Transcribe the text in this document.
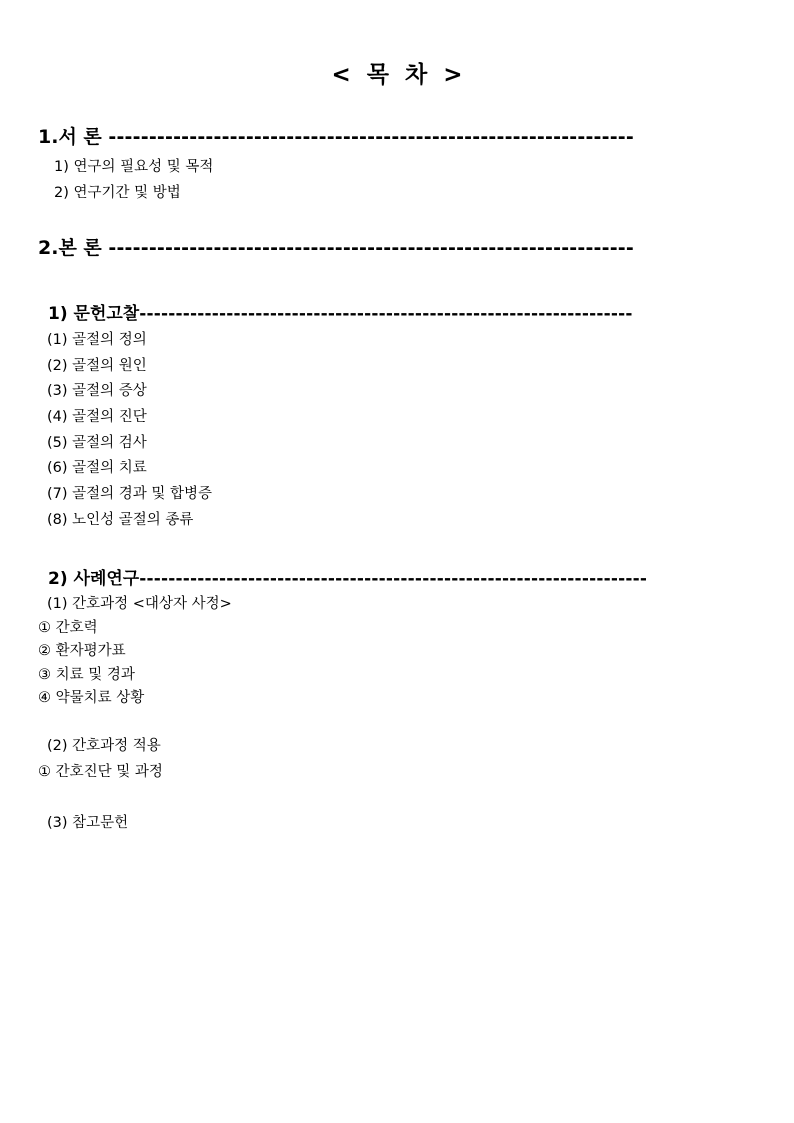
< 목 차 >
1.서 론 -----------------------------------------------------------------
1) 연구의 필요성 및 목적
2) 연구기간 및 방법
2.본 론 -----------------------------------------------------------------
1) 문헌고찰--------------------------------------------------------------------
(1) 골절의 정의
(2) 골절의 원인
(3) 골절의 증상
(4) 골절의 진단
(5) 골절의 검사
(6) 골절의 치료
(7) 골절의 경과 및 합병증
(8) 노인성 골절의 종류
2) 사례연구----------------------------------------------------------------------
(1) 간호과정 <대상자 사정>
① 간호력
② 환자평가표
③ 치료 및 경과
④ 약물치료 상황
(2) 간호과정 적용
① 간호진단 및 과정
(3) 참고문헌
